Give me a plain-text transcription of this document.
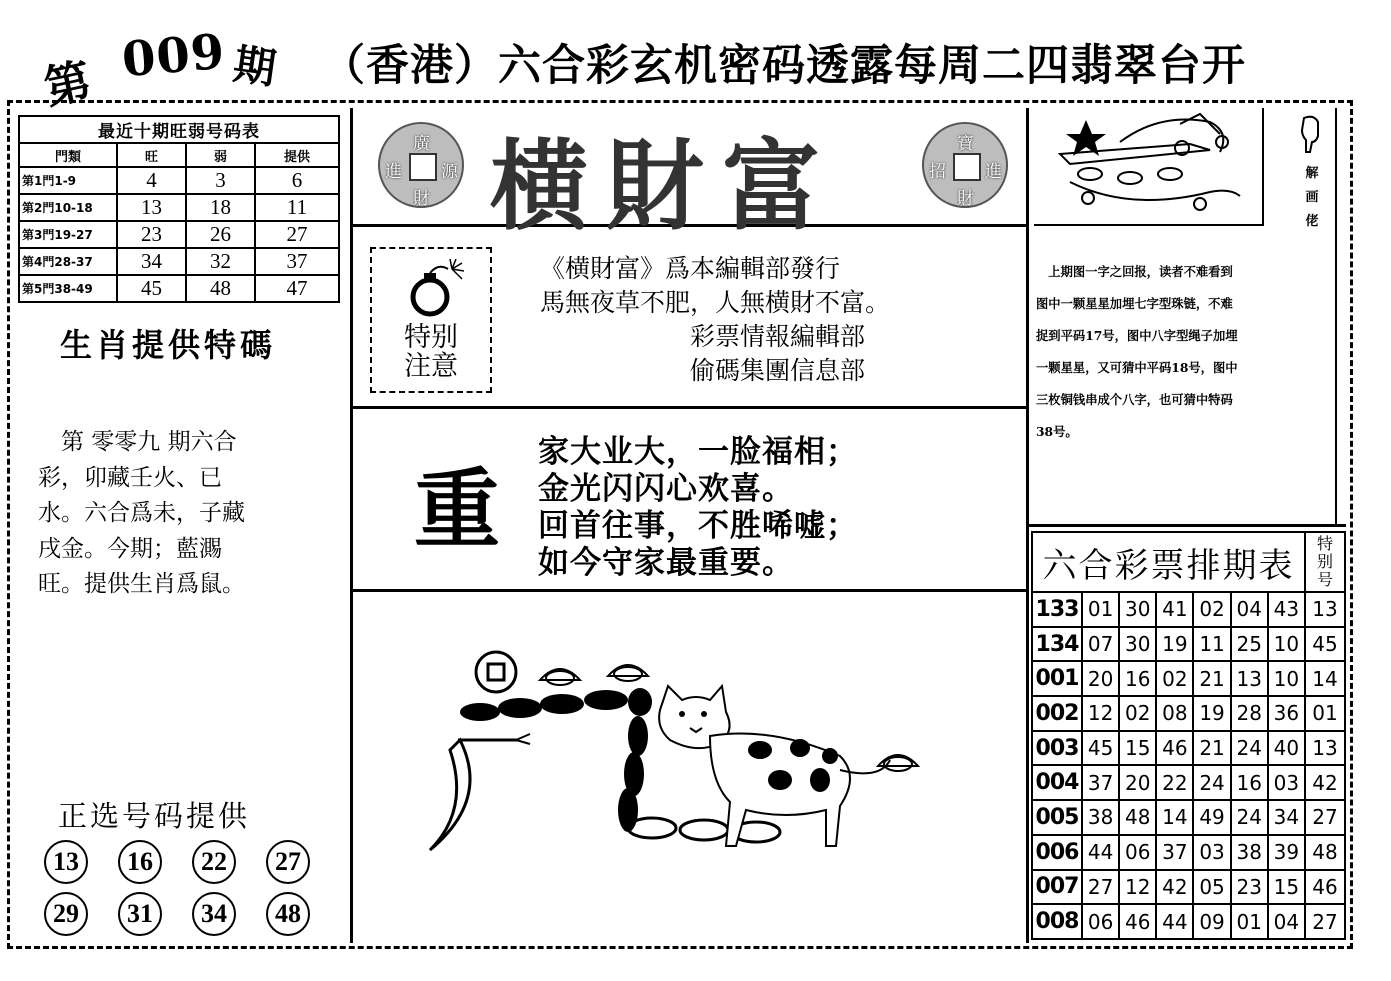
第 009 期 （香港）六合彩玄机密码透露每周二四翡翠台开
最近十期旺弱号码表			
門類	旺	弱	提供
第1門1-9	4	3	6
第2門10-18	13	18	11
第3門19-27	23	26	27
第4門28-37	34	32	37
第5門38-49	45	48	47
生肖提供特碼

　第 零零九 期六合

彩，卯藏壬火、已

水。六合爲未，子藏

戌金。今期；藍瀃

旺。提供生肖爲鼠。

正选号码提供
13	16	22	27
29	31	34	48
廣
進 源
財
寶
招 進
財
横財富
特别
注意

《横財富》爲本編輯部發行

馬無夜草不肥，人無横財不富。

　　　　　　彩票情報編輯部

　　　　　　偷碼集團信息部

重

家大业大，一脸福相；

金光闪闪心欢喜。

回首往事，不胜唏嘘；

如今守家最重要。

解
画
佬

　上期图一字之回报，读者不难看到

图中一颗星星加埋七字型珠链，不难

捉到平码17号，图中八字型绳子加埋

一颗星星，又可猜中平码18号，图中

三枚铜钱串成个八字，也可猜中特码

38号。

六合彩票排期表							特
别
号

133	01	30	41	02	04	43	13
134	07	30	19	11	25	10	45
001	20	16	02	21	13	10	14
002	12	02	08	19	28	36	01
003	45	15	46	21	24	40	13
004	37	20	22	24	16	03	42
005	38	48	14	49	24	34	27
006	44	06	37	03	38	39	48
007	27	12	42	05	23	15	46
008	06	46	44	09	01	04	27
